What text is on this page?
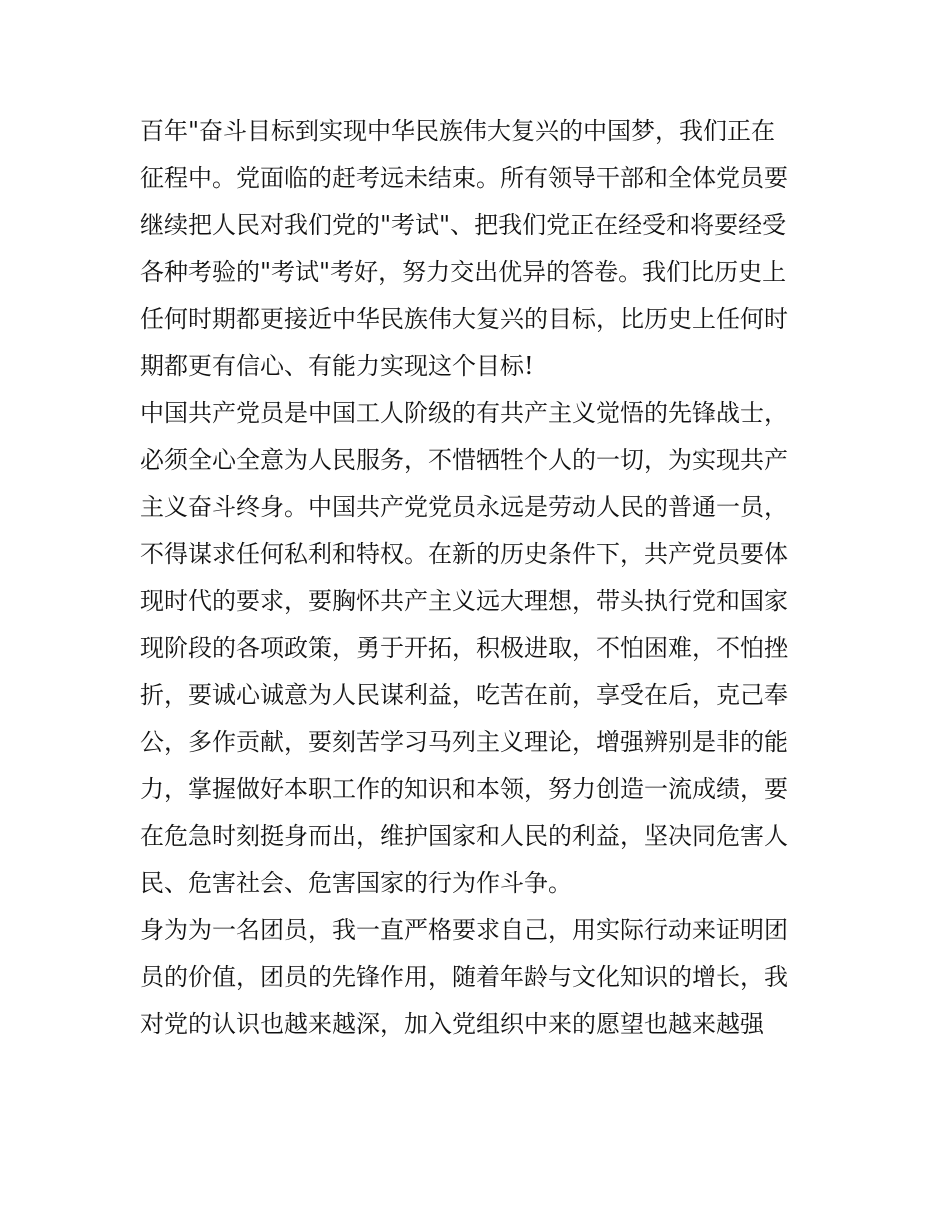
百年"奋斗目标到实现中华民族伟大复兴的中国梦，我们正在
征程中。党面临的赶考远未结束。所有领导干部和全体党员要
继续把人民对我们党的"考试"、把我们党正在经受和将要经受
各种考验的"考试"考好，努力交出优异的答卷。我们比历史上
任何时期都更接近中华民族伟大复兴的目标，比历史上任何时
期都更有信心、有能力实现这个目标!
中国共产党员是中国工人阶级的有共产主义觉悟的先锋战士，
必须全心全意为人民服务，不惜牺牲个人的一切，为实现共产
主义奋斗终身。中国共产党党员永远是劳动人民的普通一员，
不得谋求任何私利和特权。在新的历史条件下，共产党员要体
现时代的要求，要胸怀共产主义远大理想，带头执行党和国家
现阶段的各项政策，勇于开拓，积极进取，不怕困难，不怕挫
折，要诚心诚意为人民谋利益，吃苦在前，享受在后，克己奉
公，多作贡献，要刻苦学习马列主义理论，增强辨别是非的能
力，掌握做好本职工作的知识和本领，努力创造一流成绩，要
在危急时刻挺身而出，维护国家和人民的利益，坚决同危害人
民、危害社会、危害国家的行为作斗争。
身为为一名团员，我一直严格要求自己，用实际行动来证明团
员的价值，团员的先锋作用，随着年龄与文化知识的增长，我
对党的认识也越来越深，加入党组织中来的愿望也越来越强
